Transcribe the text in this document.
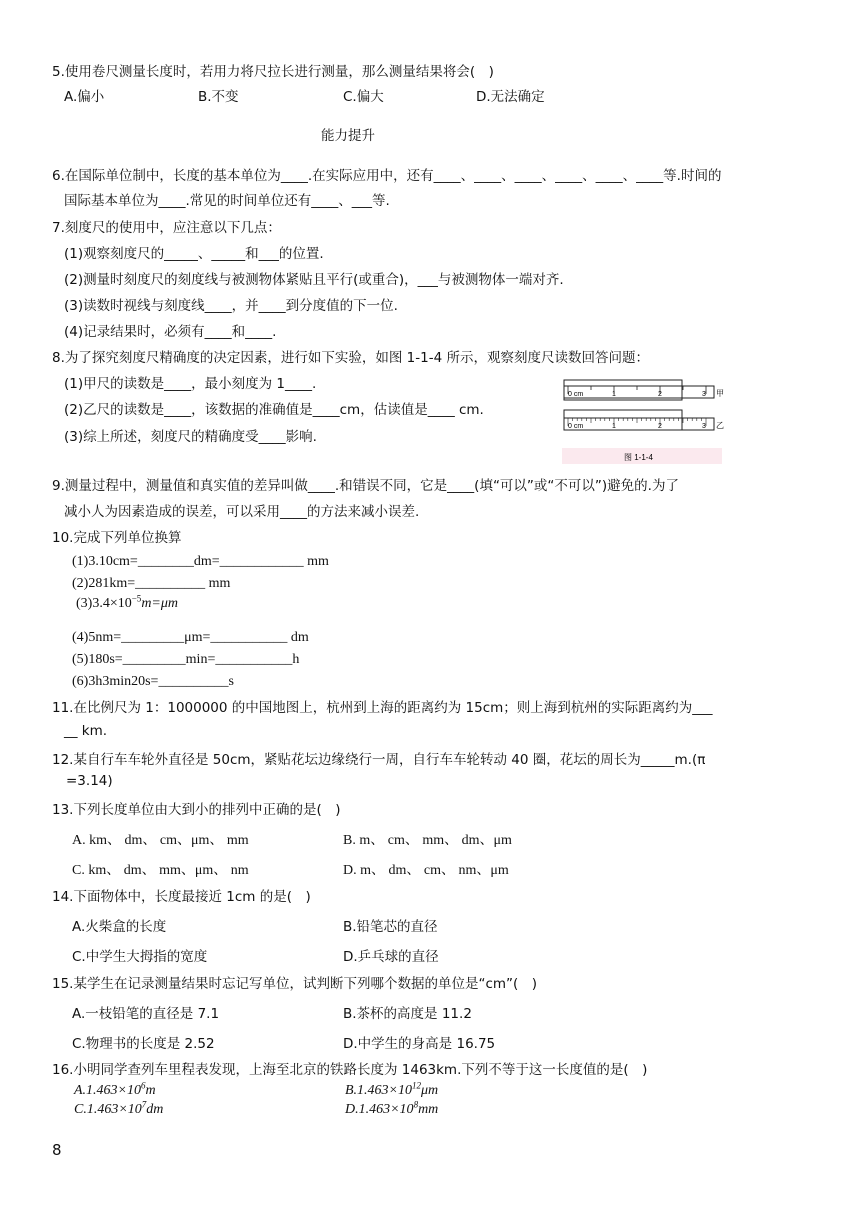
5.使用卷尺测量长度时，若用力将尺拉长进行测量，那么测量结果将会(　)
A.偏小	B.不变	C.偏大	D.无法确定
能力提升
6.在国际单位制中，长度的基本单位为____.在实际应用中，还有____、____、____、____、____、____等.时间的
国际基本单位为____.常见的时间单位还有____、___等.
7.刻度尺的使用中，应注意以下几点：
(1)观察刻度尺的_____、_____和___的位置.
(2)测量时刻度尺的刻度线与被测物体紧贴且平行(或重合)，___与被测物体一端对齐.
(3)读数时视线与刻度线____，并____到分度值的下一位.
(4)记录结果时，必须有____和____.
8.为了探究刻度尺精确度的决定因素，进行如下实验，如图 1-1-4 所示，观察刻度尺读数回答问题：
(1)甲尺的读数是____，最小刻度为 1____.
(2)乙尺的读数是____，该数据的准确值是____cm，估读值是____ cm.
(3)综上所述，刻度尺的精确度受____影响.
0 cm	1	2	3 甲
0 cm	1	2	3 乙
图 1-1-4
9.测量过程中，测量值和真实值的差异叫做____.和错误不同，它是____(填“可以”或“不可以”)避免的.为了
减小人为因素造成的误差，可以采用____的方法来减小误差.
10.完成下列单位换算
(1)3.10cm=________dm=____________ mm
(2)281km=__________ mm
$(3)3.4\times 10^{-5}m=\mu m$
(4)5nm=_________μm=___________ dm
(5)180s=_________min=___________h
(6)3h3min20s=__________s
11.在比例尺为 1：1000000 的中国地图上，杭州到上海的距离约为 15cm；则上海到杭州的实际距离约为___
__ km.
12.某自行车车轮外直径是 50cm，紧贴花坛边缘绕行一周，自行车车轮转动 40 圈，花坛的周长为_____m.(π
=3.14)
13.下列长度单位由大到小的排列中正确的是(　)
A. km、 dm、 cm、μm、 mm	B. m、 cm、 mm、 dm、μm
C. km、 dm、 mm、μm、 nm	D. m、 dm、 cm、 nm、μm
14.下面物体中，长度最接近 1cm 的是(　)
A.火柴盒的长度	B.铅笔芯的直径
C.中学生大拇指的宽度	D.乒乓球的直径
15.某学生在记录测量结果时忘记写单位，试判断下列哪个数据的单位是“cm”(　)
A.一枝铅笔的直径是 7.1	B.茶杯的高度是 11.2
C.物理书的长度是 2.52	D.中学生的身高是 16.75
16.小明同学查列车里程表发现，上海至北京的铁路长度为 1463km.下列不等于这一长度值的是(　)
$A.1.463\times 10^6m$	$B.1.463\times 10^{12}\mu m$
$C.1.463\times 10^7dm$	$D.1.463\times 10^8mm$
8
